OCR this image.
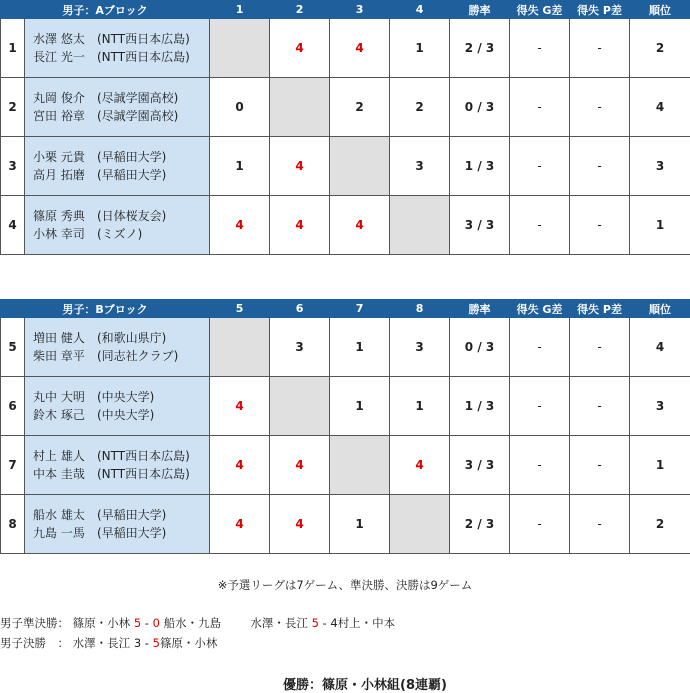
男子：Aブロック		1	2	3	4	勝率	得失 G差	得失 P差	順位
1	水澤 悠太 (NTT西日本広島)
長江 光一 (NTT西日本広島)		4	4	1	2 / 3	-	-	2
2	丸岡 俊介 (尽誠学園高校)
宮田 裕章 (尽誠学園高校)	0		2	2	0 / 3	-	-	4
3	小栗 元貴 (早稲田大学)
高月 拓磨 (早稲田大学)	1	4		3	1 / 3	-	-	3
4	篠原 秀典 (日体桜友会)
小林 幸司 (ミズノ)	4	4	4		3 / 3	-	-	1
男子：Bブロック		5	6	7	8	勝率	得失 G差	得失 P差	順位
5	増田 健人 (和歌山県庁)
柴田 章平 (同志社クラブ)		3	1	3	0 / 3	-	-	4
6	丸中 大明 (中央大学)
鈴木 琢己 (中央大学)	4		1	1	1 / 3	-	-	3
7	村上 雄人 (NTT西日本広島)
中本 圭哉 (NTT西日本広島)	4	4		4	3 / 3	-	-	1
8	船水 雄太 (早稲田大学)
九島 一馬 (早稲田大学)	4	4	1		2 / 3	-	-	2
※予選リーグは7ゲーム、準決勝、決勝は9ゲーム
男子準決勝： 篠原・小林 5 - 0 船水・九島	水澤・長江 5 - 4村上・中本
男子決勝　： 水澤・長江 3 - 5篠原・小林
優勝：篠原・小林組(8連覇)
